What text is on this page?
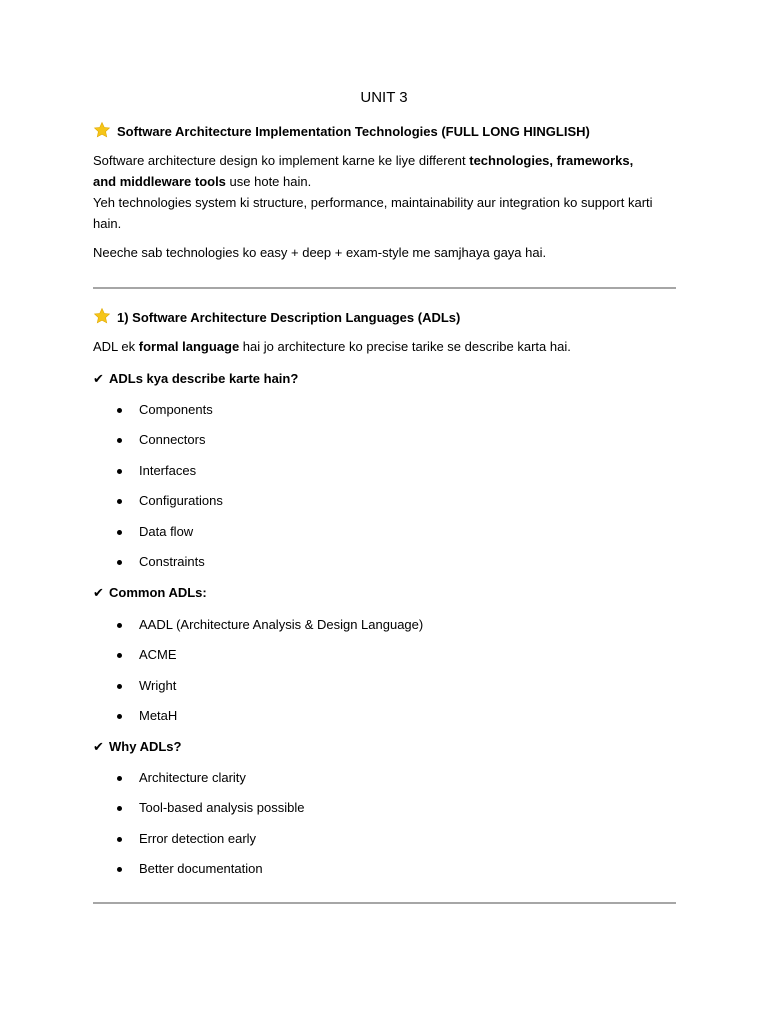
UNIT 3
Software Architecture Implementation Technologies (FULL LONG HINGLISH)

Software architecture design ko implement karne ke liye different technologies, frameworks, and middleware tools use hote hain.

Yeh technologies system ki structure, performance, maintainability aur integration ko support karti hain.

Neeche sab technologies ko easy + deep + exam-style me samjhaya gaya hai.

1) Software Architecture Description Languages (ADLs)

ADL ek formal language hai jo architecture ko precise tarike se describe karta hai.

✔ ADLs kya describe karte hain?
Components
Connectors
Interfaces
Configurations
Data flow
Constraints
✔ Common ADLs:
AADL (Architecture Analysis & Design Language)
ACME
Wright
MetaH
✔ Why ADLs?
Architecture clarity
Tool-based analysis possible
Error detection early
Better documentation
